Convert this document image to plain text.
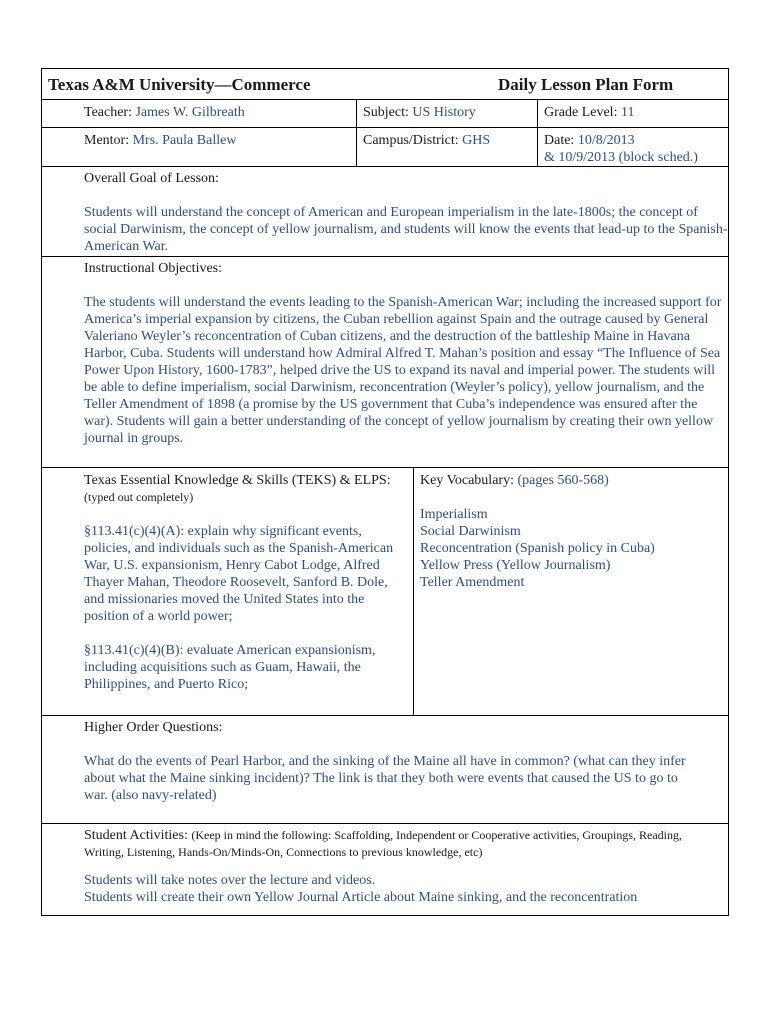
Texas A&M University—Commerce	Daily Lesson Plan Form
Teacher: James W. Gilbreath	Subject: US History	Grade Level: 11
Mentor: Mrs. Paula Ballew	Campus/District: GHS	Date: 10/8/2013
& 10/9/2013 (block sched.)

Overall Goal of Lesson:

Students will understand the concept of American and European imperialism in the late-1800s; the concept of social Darwinism, the concept of yellow journalism, and students will know the events that lead-up to the Spanish-American War.

Instructional Objectives:

The students will understand the events leading to the Spanish-American War; including the increased support for America’s imperial expansion by citizens, the Cuban rebellion against Spain and the outrage caused by General Valeriano Weyler’s reconcentration of Cuban citizens, and the destruction of the battleship Maine in Havana Harbor, Cuba. Students will understand how Admiral Alfred T. Mahan’s position and essay “The Influence of Sea Power Upon History, 1600-1783”, helped drive the US to expand its naval and imperial power. The students will be able to define imperialism, social Darwinism, reconcentration (Weyler’s policy), yellow journalism, and the Teller Amendment of 1898 (a promise by the US government that Cuba’s independence was ensured after the war). Students will gain a better understanding of the concept of yellow journalism by creating their own yellow journal in groups.

Texas Essential Knowledge & Skills (TEKS) & ELPS: (typed out completely)

§113.41(c)(4)(A): explain why significant events, policies, and individuals such as the Spanish-American War, U.S. expansionism, Henry Cabot Lodge, Alfred Thayer Mahan, Theodore Roosevelt, Sanford B. Dole, and missionaries moved the United States into the position of a world power;

§113.41(c)(4)(B): evaluate American expansionism, including acquisitions such as Guam, Hawaii, the Philippines, and Puerto Rico;

Key Vocabulary: (pages 560-568)

Imperialism
Social Darwinism
Reconcentration (Spanish policy in Cuba)
Yellow Press (Yellow Journalism)
Teller Amendment

Higher Order Questions:

What do the events of Pearl Harbor, and the sinking of the Maine all have in common? (what can they infer about what the Maine sinking incident)? The link is that they both were events that caused the US to go to war. (also navy-related)

Student Activities: (Keep in mind the following: Scaffolding, Independent or Cooperative activities, Groupings, Reading, Writing, Listening, Hands-On/Minds-On, Connections to previous knowledge, etc)

Students will take notes over the lecture and videos.

Students will create their own Yellow Journal Article about Maine sinking, and the reconcentration
